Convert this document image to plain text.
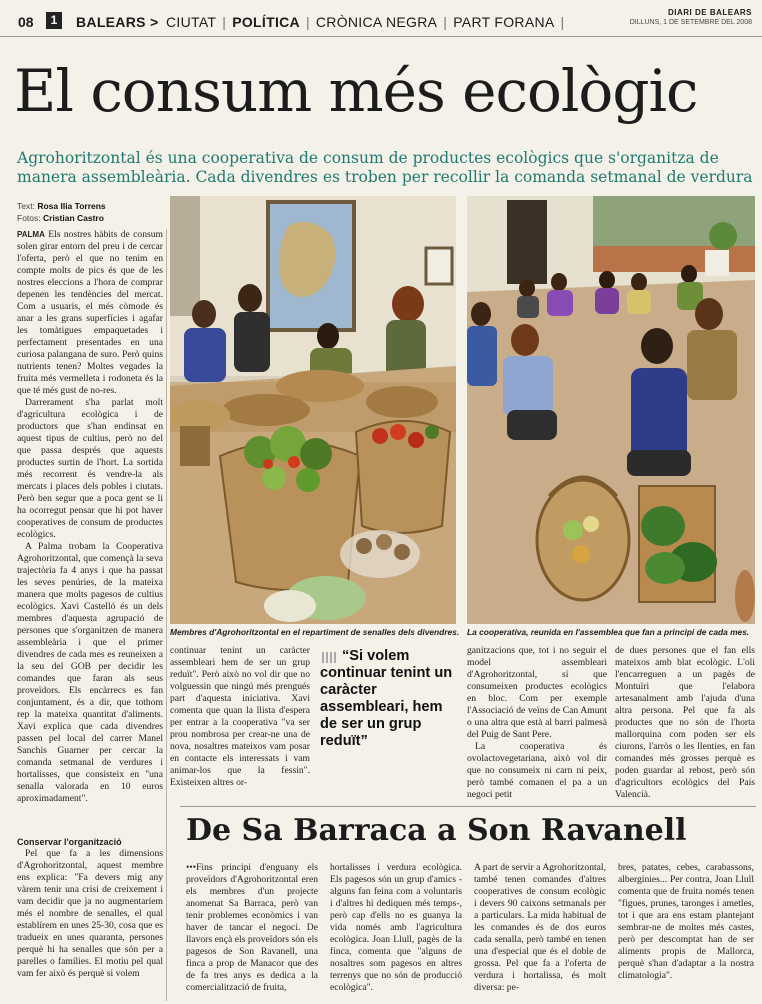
08	1	BALEARS > CIUTAT | POLÍTICA | CRÒNICA NEGRA | PART FORANA |
DIARI DE BALEARS
DILLUNS, 1 DE SETEMBRE DEL 2008
El consum més ecològic
Agrohoritzontal és una cooperativa de consum de productes ecològics que s'organitza de manera assembleària. Cada divendres es troben per recollir la comanda setmanal de verdura
Text: Rosa Ilia Torrens
Fotos: Cristian Castro

PALMA Els nostres hàbits de consum solen girar entorn del preu i de cercar l'oferta, però el que no tenim en compte molts de pics és que de les nostres eleccions a l'hora de comprar depenen les tendències del mercat. Com a usuaris, el més còmode és anar a les grans superfícies i agafar les tomàtigues empaquetades i perfectament presentades en una curiosa palangana de suro. Però quins nutrients tenen? Moltes vegades la fruita més vermelleta i rodoneta és la que té més gust de no-res.

Darrerament s'ha parlat molt d'agricultura ecològica i de productors que s'han endinsat en aquest tipus de cultius, però no del que passa després que aquests productes surtin de l'hort. La sortida més recorrent és vendre-la als mercats i places dels pobles i ciutats. Però ben segur que a poca gent se li ha ocorregut pensar que hi pot haver cooperatives de consum de productes ecològics.

A Palma trobam la Cooperativa Agrohoritzontal, que començà la seva trajectòria fa 4 anys i que ha passat les seves penúries, de la mateixa manera que molts pagesos de cultius ecològics. Xavi Castelló és un dels membres d'aquesta agrupació de persones que s'organitzen de manera assembleària i que el primer divendres de cada mes es reuneixen a la seu del GOB per decidir les comandes que faran als seus proveïdors. Els encàrrecs es fan conjuntament, és a dir, que tothom rep la mateixa quantitat d'aliments. Xavi explica que cada divendres passen pel local del carrer Manel Sanchis Guarner per cercar la comanda setmanal de verdures i hortalisses, que consisteix en "una senalla valorada en 10 euros aproximadament".

Conservar l'organització

Pel que fa a les dimensions d'Agrohoritzontal, aquest membre ens explica: "Fa devers mig any vàrem tenir una crisi de creixement i vam decidir que ja no augmentaríem més el nombre de senalles, el qual establírem en unes 25-30, cosa que es tradueix en unes quaranta, persones perquè hi ha senalles que són per a parelles o famílies. El motiu pel qual vam fer això és perquè si volem

Membres d'Agrohoritzontal en el repartiment de senalles dels divendres. La cooperativa, reunida en l'assemblea que fan a principi de cada mes.

continuar tenint un caràcter assembleari hem de ser un grup reduït". Però això no vol dir que no volguessin que ningú més prengués part d'aquesta iniciativa. Xavi comenta que quan la llista d'espera per entrar a la cooperativa "va ser prou nombrosa per crear-ne una de nova, nosaltres mateixos vam posar en contacte els interessats i vam animar-los que la fessin". Existeixen altres or-

“Si volem continuar tenint un caràcter assembleari, hem de ser un grup reduït”

ganitzacions que, tot i no seguir el model assembleari d'Agrohoritzontal, sí que consumeixen productes ecològics en bloc. Com per exemple l'Associació de veïns de Can Amunt o una altra que està al barri palmesà del Puig de Sant Pere.

La cooperativa és ovolactovegetariana, això vol dir que no consumeix ni carn ni peix, però també comanen el pa a un negoci petit

de dues persones que el fan ells mateixos amb blat ecològic. L'oli l'encarreguen a un pagès de Montuïri que l'elabora artesanalment amb l'ajuda d'una altra persona. Pel que fa als productes que no són de l'horta mallorquina com poden ser els ciurons, l'arròs o les llenties, en fan comandes més grosses perquè es poden guardar al rebost, però són d'agricultors ecològics del País Valencià.

De Sa Barraca a Son Ravanell

•••Fins principi d'enguany els proveïdors d'Agrohoritzontal eren els membres d'un projecte anomenat Sa Barraca, però van tenir problemes econòmics i van haver de tancar el negoci. De llavors ençà els proveïdors són els pagesos de Son Ravanell, una finca a prop de Manacor que des de fa tres anys es dedica a la comercialització de fruita,

hortalisses i verdura ecològica. Els pagesos són un grup d'amics -alguns fan feina com a voluntaris i d'altres hi dediquen més temps-, però cap d'ells no es guanya la vida només amb l'agricultura ecològica. Joan Llull, pagès de la finca, comenta que "alguns de nosaltres som pagesos en altres terrenys que no són de producció ecològica".

A part de servir a Agrohoritzontal, també tenen comandes d'altres cooperatives de consum ecològic i devers 90 caixons setmanals per a particulars. La mida habitual de les comandes és de dos euros cada senalla, però també en tenen una d'especial que és el doble de grossa. Pel que fa a l'oferta de verdura i hortalissa, és molt diversa: pe-

bres, patates, cebes, carabassons, albergínies... Per contra, Joan Llull comenta que de fruita només tenen "figues, prunes, taronges i ametles, tot i que ara ens estam plantejant sembrar-ne de moltes més castes, però per descomptat han de ser aliments propis de Mallorca, perquè s'han d'adaptar a la nostra climatologia".
